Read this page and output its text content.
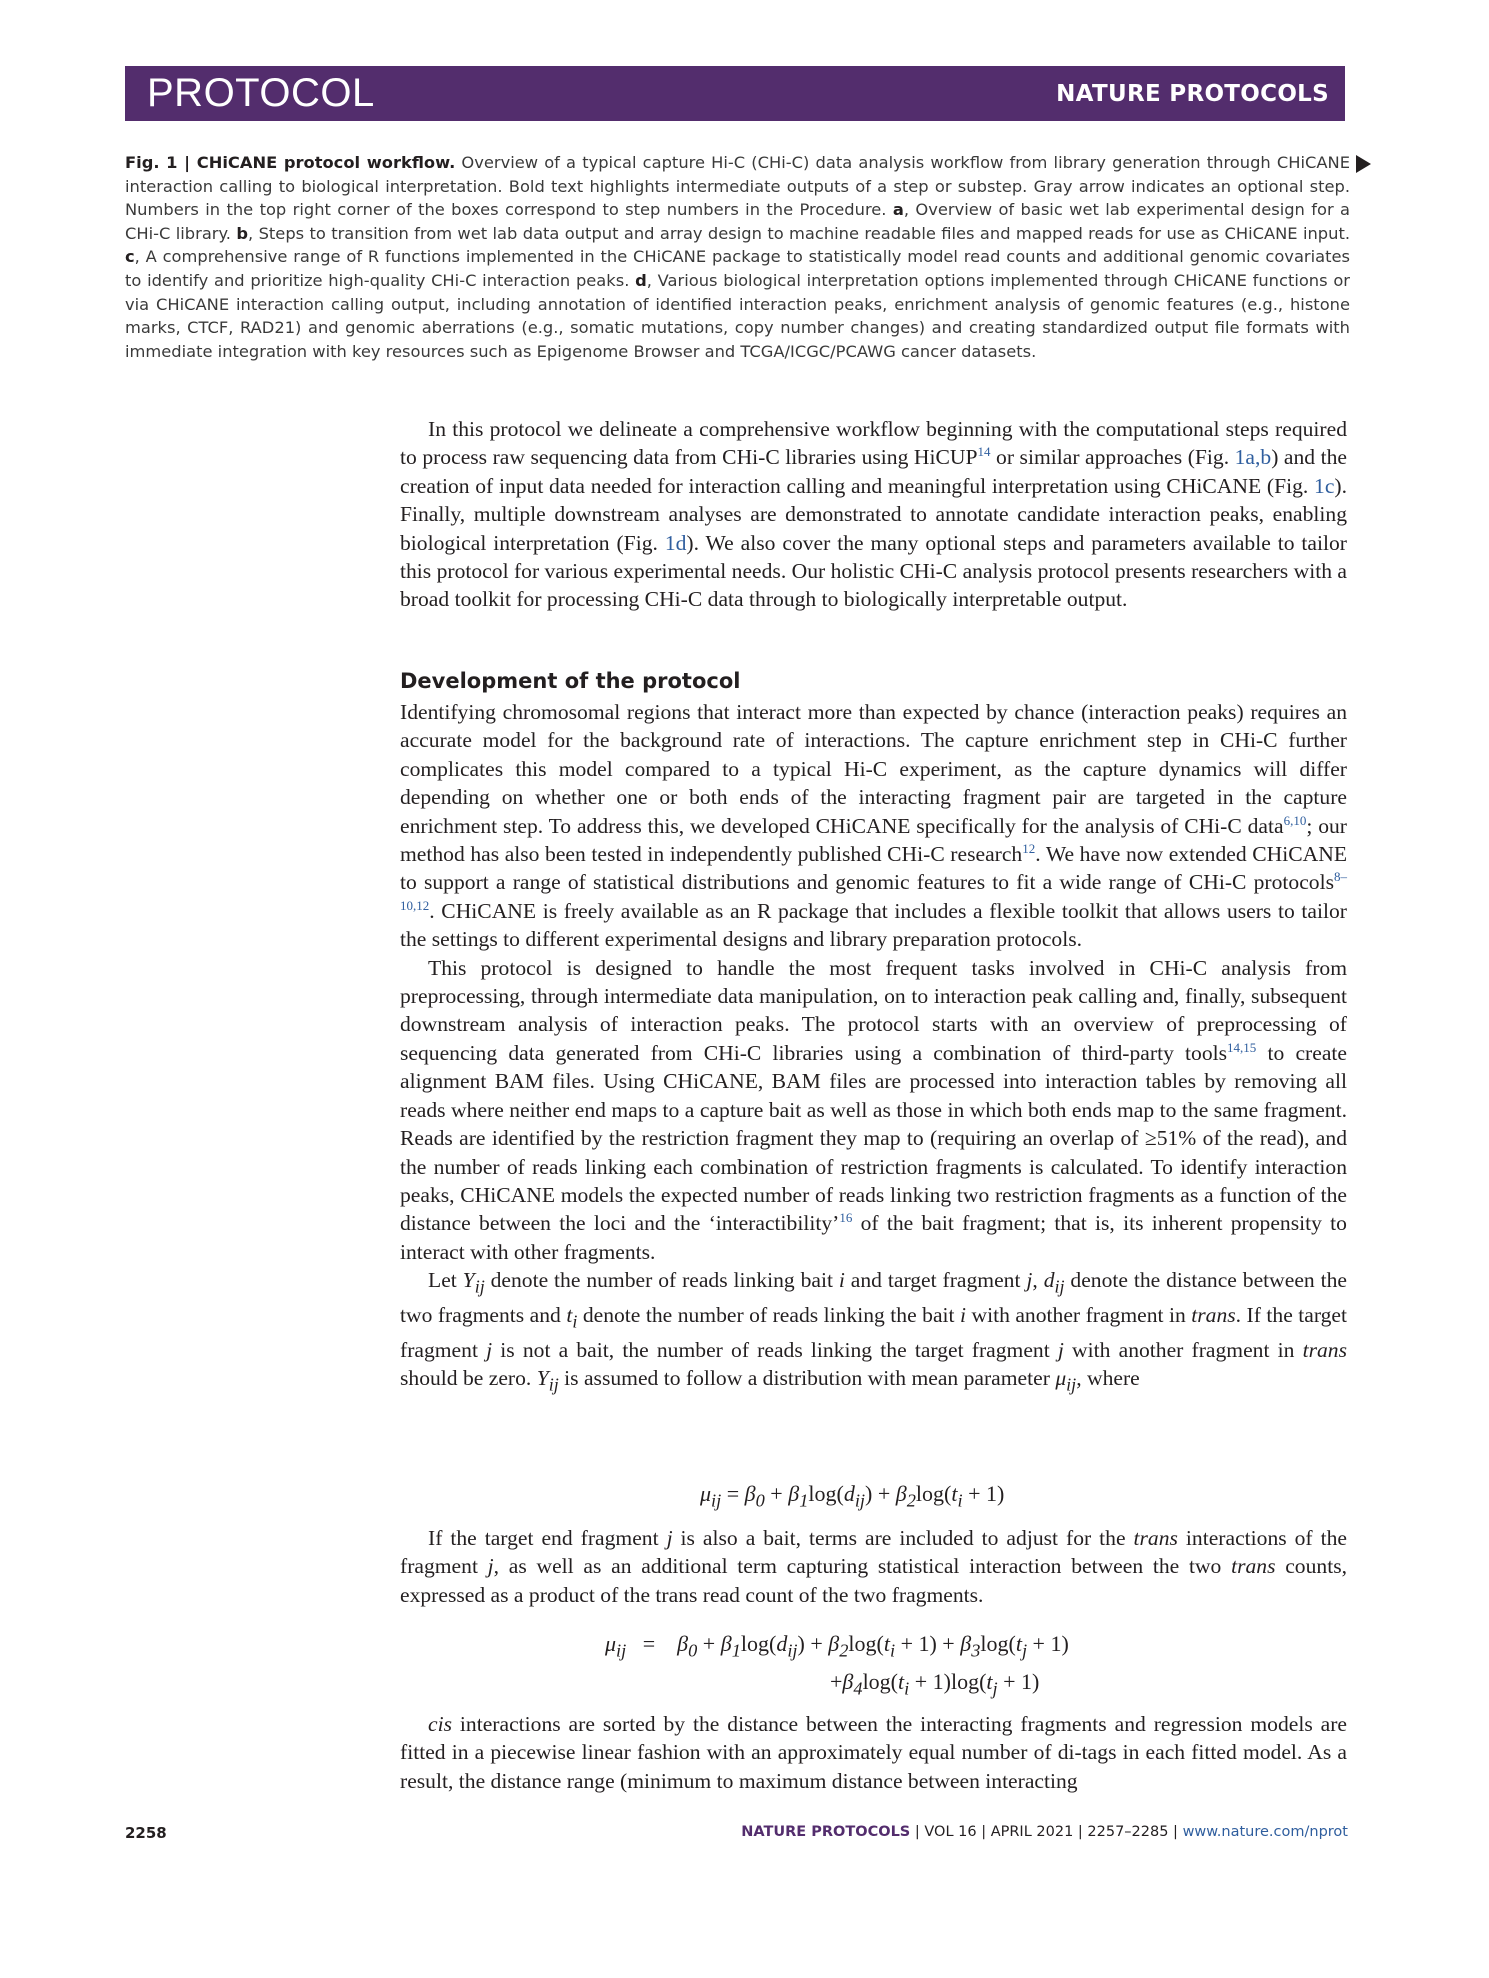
PROTOCOL	NATURE PROTOCOLS
Fig. 1 | CHiCANE protocol workflow. Overview of a typical capture Hi-C (CHi-C) data analysis workflow from library generation through CHiCANE interaction calling to biological interpretation. Bold text highlights intermediate outputs of a step or substep. Gray arrow indicates an optional step. Numbers in the top right corner of the boxes correspond to step numbers in the Procedure. a, Overview of basic wet lab experimental design for a CHi-C library. b, Steps to transition from wet lab data output and array design to machine readable files and mapped reads for use as CHiCANE input. c, A comprehensive range of R functions implemented in the CHiCANE package to statistically model read counts and additional genomic covariates to identify and prioritize high-quality CHi-C interaction peaks. d, Various biological interpretation options implemented through CHiCANE functions or via CHiCANE interaction calling output, including annotation of identified interaction peaks, enrichment analysis of genomic features (e.g., histone marks, CTCF, RAD21) and genomic aberrations (e.g., somatic mutations, copy number changes) and creating standardized output file formats with immediate integration with key resources such as Epigenome Browser and TCGA/ICGC/PCAWG cancer datasets.

In this protocol we delineate a comprehensive workflow beginning with the computational steps required to process raw sequencing data from CHi-C libraries using HiCUP$^{14}$ or similar approaches (Fig. 1a,b) and the creation of input data needed for interaction calling and meaningful interpretation using CHiCANE (Fig. 1c). Finally, multiple downstream analyses are demonstrated to annotate candidate interaction peaks, enabling biological interpretation (Fig. 1d). We also cover the many optional steps and parameters available to tailor this protocol for various experimental needs. Our holistic CHi-C analysis protocol presents researchers with a broad toolkit for processing CHi-C data through to biologically interpretable output.

Development of the protocol

Identifying chromosomal regions that interact more than expected by chance (interaction peaks) requires an accurate model for the background rate of interactions. The capture enrichment step in CHi-C further complicates this model compared to a typical Hi-C experiment, as the capture dynamics will differ depending on whether one or both ends of the interacting fragment pair are targeted in the capture enrichment step. To address this, we developed CHiCANE specifically for the analysis of CHi-C data$^{6,10}$; our method has also been tested in independently published CHi-C research$^{12}$. We have now extended CHiCANE to support a range of statistical distributions and genomic features to fit a wide range of CHi-C protocols$^{8-10,12}$. CHiCANE is freely available as an R package that includes a flexible toolkit that allows users to tailor the settings to different experimental designs and library preparation protocols.

This protocol is designed to handle the most frequent tasks involved in CHi-C analysis from preprocessing, through intermediate data manipulation, on to interaction peak calling and, finally, subsequent downstream analysis of interaction peaks. The protocol starts with an overview of preprocessing of sequencing data generated from CHi-C libraries using a combination of third-party tools$^{14,15}$ to create alignment BAM files. Using CHiCANE, BAM files are processed into interaction tables by removing all reads where neither end maps to a capture bait as well as those in which both ends map to the same fragment. Reads are identified by the restriction fragment they map to (requiring an overlap of ≥51% of the read), and the number of reads linking each combination of restriction fragments is calculated. To identify interaction peaks, CHiCANE models the expected number of reads linking two restriction fragments as a function of the distance between the loci and the ‘interactibility’$^{16}$ of the bait fragment; that is, its inherent propensity to interact with other fragments.

Let $Y_{ij}$ denote the number of reads linking bait i and target fragment j, $d_{ij}$ denote the distance between the two fragments and $t_i$ denote the number of reads linking the bait i with another fragment in trans. If the target fragment j is not a bait, the number of reads linking the target fragment j with another fragment in trans should be zero. $Y_{ij}$ is assumed to follow a distribution with mean parameter $\mu_{ij}$, where

$\mu_{ij} = \beta_0 + \beta_1\log(d_{ij}) + \beta_2\log(t_i + 1)$

If the target end fragment j is also a bait, terms are included to adjust for the trans interactions of the fragment j, as well as an additional term capturing statistical interaction between the two trans counts, expressed as a product of the trans read count of the two fragments.

$\mu_{ij}$ =    $\beta_0 + \beta_1\log(d_{ij}) + \beta_2\log(t_i + 1) + \beta_3\log(t_j + 1)$
$+\beta_4\log(t_i + 1)\log(t_j + 1)$

cis interactions are sorted by the distance between the interacting fragments and regression models are fitted in a piecewise linear fashion with an approximately equal number of di-tags in each fitted model. As a result, the distance range (minimum to maximum distance between interacting

2258	NATURE PROTOCOLS | VOL 16 | APRIL 2021 | 2257–2285 | www.nature.com/nprot
